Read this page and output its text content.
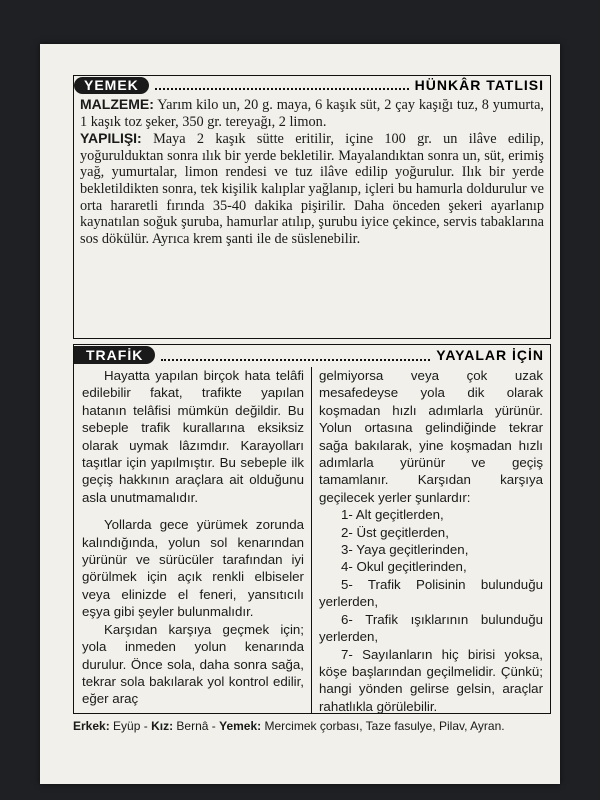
YEMEK	HÜNKÂR TATLISI
MALZEME: Yarım kilo un, 20 g. maya, 6 kaşık süt, 2 çay kaşığı tuz, 8 yumurta, 1 kaşık toz şeker, 350 gr. tereyağı, 2 limon.
YAPILIŞI: Maya 2 kaşık sütte eritilir, içine 100 gr. un ilâve edilip, yoğurulduktan sonra ılık bir yerde bekletilir. Mayalandıktan sonra un, süt, erimiş yağ, yumurtalar, limon rendesi ve tuz ilâve edilip yoğurulur. Ilık bir yerde bekletildikten sonra, tek kişilik kalıplar yağlanıp, içleri bu hamurla doldurulur ve orta hararetli fırında 35-40 dakika pişirilir. Daha önceden şekeri ayarlanıp kaynatılan soğuk şuruba, hamurlar atılıp, şurubu iyice çekince, servis tabaklarına sos dökülür. Ayrıca krem şanti ile de süslenebilir.
TRAFİK	YAYALAR İÇİN

Hayatta yapılan birçok hata telâfi edilebilir fakat, trafikte yapılan hatanın telâfisi mümkün değildir. Bu sebeple trafik kurallarına eksiksiz olarak uymak lâzımdır. Karayolları taşıtlar için yapılmıştır. Bu sebeple ilk geçiş hakkının araçlara ait olduğunu asla unutmamalıdır.

Yollarda gece yürümek zorunda kalındığında, yolun sol kenarından yürünür ve sürücüler tarafından iyi görülmek için açık renkli elbiseler veya elinizde el feneri, yansıtıcılı eşya gibi şeyler bulunmalıdır.

Karşıdan karşıya geçmek için; yola inmeden yolun kenarında durulur. Önce sola, daha sonra sağa, tekrar sola bakılarak yol kontrol edilir, eğer araç

gelmiyorsa veya çok uzak mesafedeyse yola dik olarak koşmadan hızlı adımlarla yürünür. Yolun ortasına gelindiğinde tekrar sağa bakılarak, yine koşmadan hızlı adımlarla yürünür ve geçiş tamamlanır. Karşıdan karşıya geçilecek yerler şunlardır:

1- Alt geçitlerden,

2- Üst geçitlerden,

3- Yaya geçitlerinden,

4- Okul geçitlerinden,

5- Trafik Polisinin bulunduğu yerlerden,

6- Trafik ışıklarının bulunduğu yerlerden,

7- Sayılanların hiç birisi yoksa, köşe başlarından geçilmelidir. Çünkü; hangi yönden gelirse gelsin, araçlar rahatlıkla görülebilir.

Erkek: Eyüp - Kız: Bernâ - Yemek: Mercimek çorbası, Taze fasulye, Pilav, Ayran.
